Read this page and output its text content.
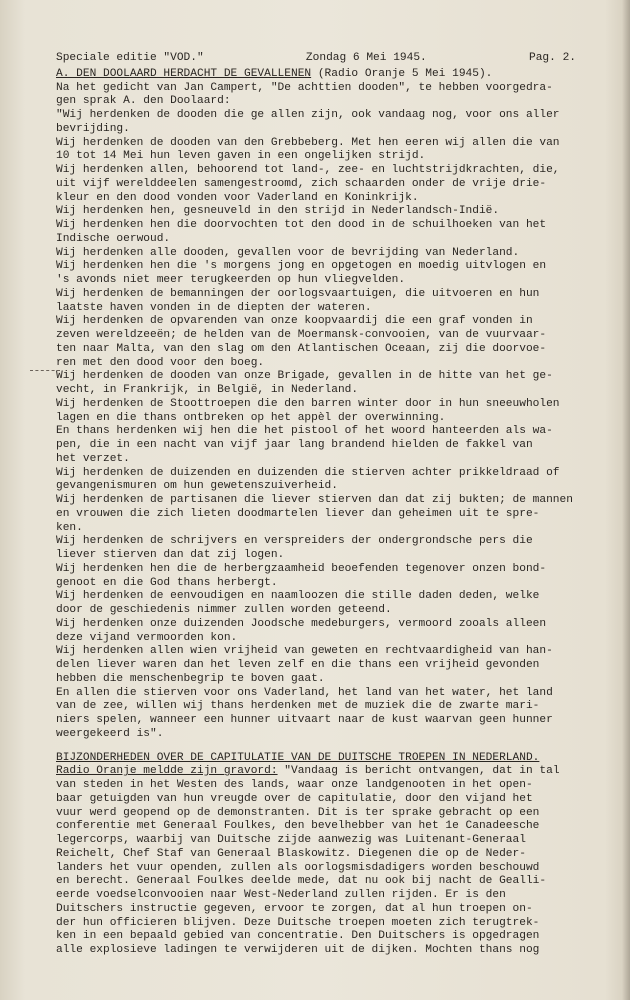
Speciale editie "VOD."	Zondag 6 Mei 1945.	Pag. 2.
A. DEN DOOLAARD HERDACHT DE GEVALLENEN (Radio Oranje 5 Mei 1945).
Na het gedicht van Jan Campert, "De achttien dooden", te hebben voorgedra-
gen sprak A. den Doolaard:
"Wij herdenken de dooden die ge allen zijn, ook vandaag nog, voor ons aller
bevrijding.
Wij herdenken de dooden van den Grebbeberg. Met hen eeren wij allen die van
10 tot 14 Mei hun leven gaven in een ongelijken strijd.
Wij herdenken allen, behoorend tot land-, zee- en luchtstrijdkrachten, die,
uit vijf werelddeelen samengestroomd, zich schaarden onder de vrije drie-
kleur en den dood vonden voor Vaderland en Koninkrijk.
Wij herdenken hen, gesneuveld in den strijd in Nederlandsch-Indië.
Wij herdenken hen die doorvochten tot den dood in de schuilhoeken van het
Indische oerwoud.
Wij herdenken alle dooden, gevallen voor de bevrijding van Nederland.
Wij herdenken hen die 's morgens jong en opgetogen en moedig uitvlogen en
's avonds niet meer terugkeerden op hun vliegvelden.
Wij herdenken de bemanningen der oorlogsvaartuigen, die uitvoeren en hun
laatste haven vonden in de diepten der wateren.
Wij herdenken de opvarenden van onze koopvaardij die een graf vonden in
zeven wereldzeeën; de helden van de Moermansk-convooien, van de vuurvaar-
ten naar Malta, van den slag om den Atlantischen Oceaan, zij die doorvoe-
ren met den dood voor den boeg.
Wij herdenken de dooden van onze Brigade, gevallen in de hitte van het ge-
vecht, in Frankrijk, in België, in Nederland.
Wij herdenken de Stoottroepen die den barren winter door in hun sneeuwholen
lagen en die thans ontbreken op het appèl der overwinning.
En thans herdenken wij hen die het pistool of het woord hanteerden als wa-
pen, die in een nacht van vijf jaar lang brandend hielden de fakkel van
het verzet.
Wij herdenken de duizenden en duizenden die stierven achter prikkeldraad of
gevangenismuren om hun gewetenszuiverheid.
Wij herdenken de partisanen die liever stierven dan dat zij bukten; de mannen
en vrouwen die zich lieten doodmartelen liever dan geheimen uit te spre-
ken.
Wij herdenken de schrijvers en verspreiders der ondergrondsche pers die
liever stierven dan dat zij logen.
Wij herdenken hen die de herbergzaamheid beoefenden tegenover onzen bond-
genoot en die God thans herbergt.
Wij herdenken de eenvoudigen en naamloozen die stille daden deden, welke
door de geschiedenis nimmer zullen worden geteend.
Wij herdenken onze duizenden Joodsche medeburgers, vermoord zooals alleen
deze vijand vermoorden kon.
Wij herdenken allen wien vrijheid van geweten en rechtvaardigheid van han-
delen liever waren dan het leven zelf en die thans een vrijheid gevonden
hebben die menschenbegrip te boven gaat.
En allen die stierven voor ons Vaderland, het land van het water, het land
van de zee, willen wij thans herdenken met de muziek die de zwarte mari-
niers spelen, wanneer een hunner uitvaart naar de kust waarvan geen hunner
weergekeerd is".
BIJZONDERHEDEN OVER DE CAPITULATIE VAN DE DUITSCHE TROEPEN IN NEDERLAND.
Radio Oranje meldde zijn gravord: "Vandaag is bericht ontvangen, dat in tal
van steden in het Westen des lands, waar onze landgenooten in het open-
baar getuigden van hun vreugde over de capitulatie, door den vijand het
vuur werd geopend op de demonstranten. Dit is ter sprake gebracht op een
conferentie met Generaal Foulkes, den bevelhebber van het 1e Canadeesche
legercorps, waarbij van Duitsche zijde aanwezig was Luitenant-Generaal
Reichelt, Chef Staf van Generaal Blaskowitz. Diegenen die op de Neder-
landers het vuur openden, zullen als oorlogsmisdadigers worden beschouwd
en berecht. Generaal Foulkes deelde mede, dat nu ook bij nacht de Gealli-
eerde voedselconvooien naar West-Nederland zullen rijden. Er is den
Duitschers instructie gegeven, ervoor te zorgen, dat al hun troepen on-
der hun officieren blijven. Deze Duitsche troepen moeten zich terugtrek-
ken in een bepaald gebied van concentratie. Den Duitschers is opgedragen
alle explosieve ladingen te verwijderen uit de dijken. Mochten thans nog
